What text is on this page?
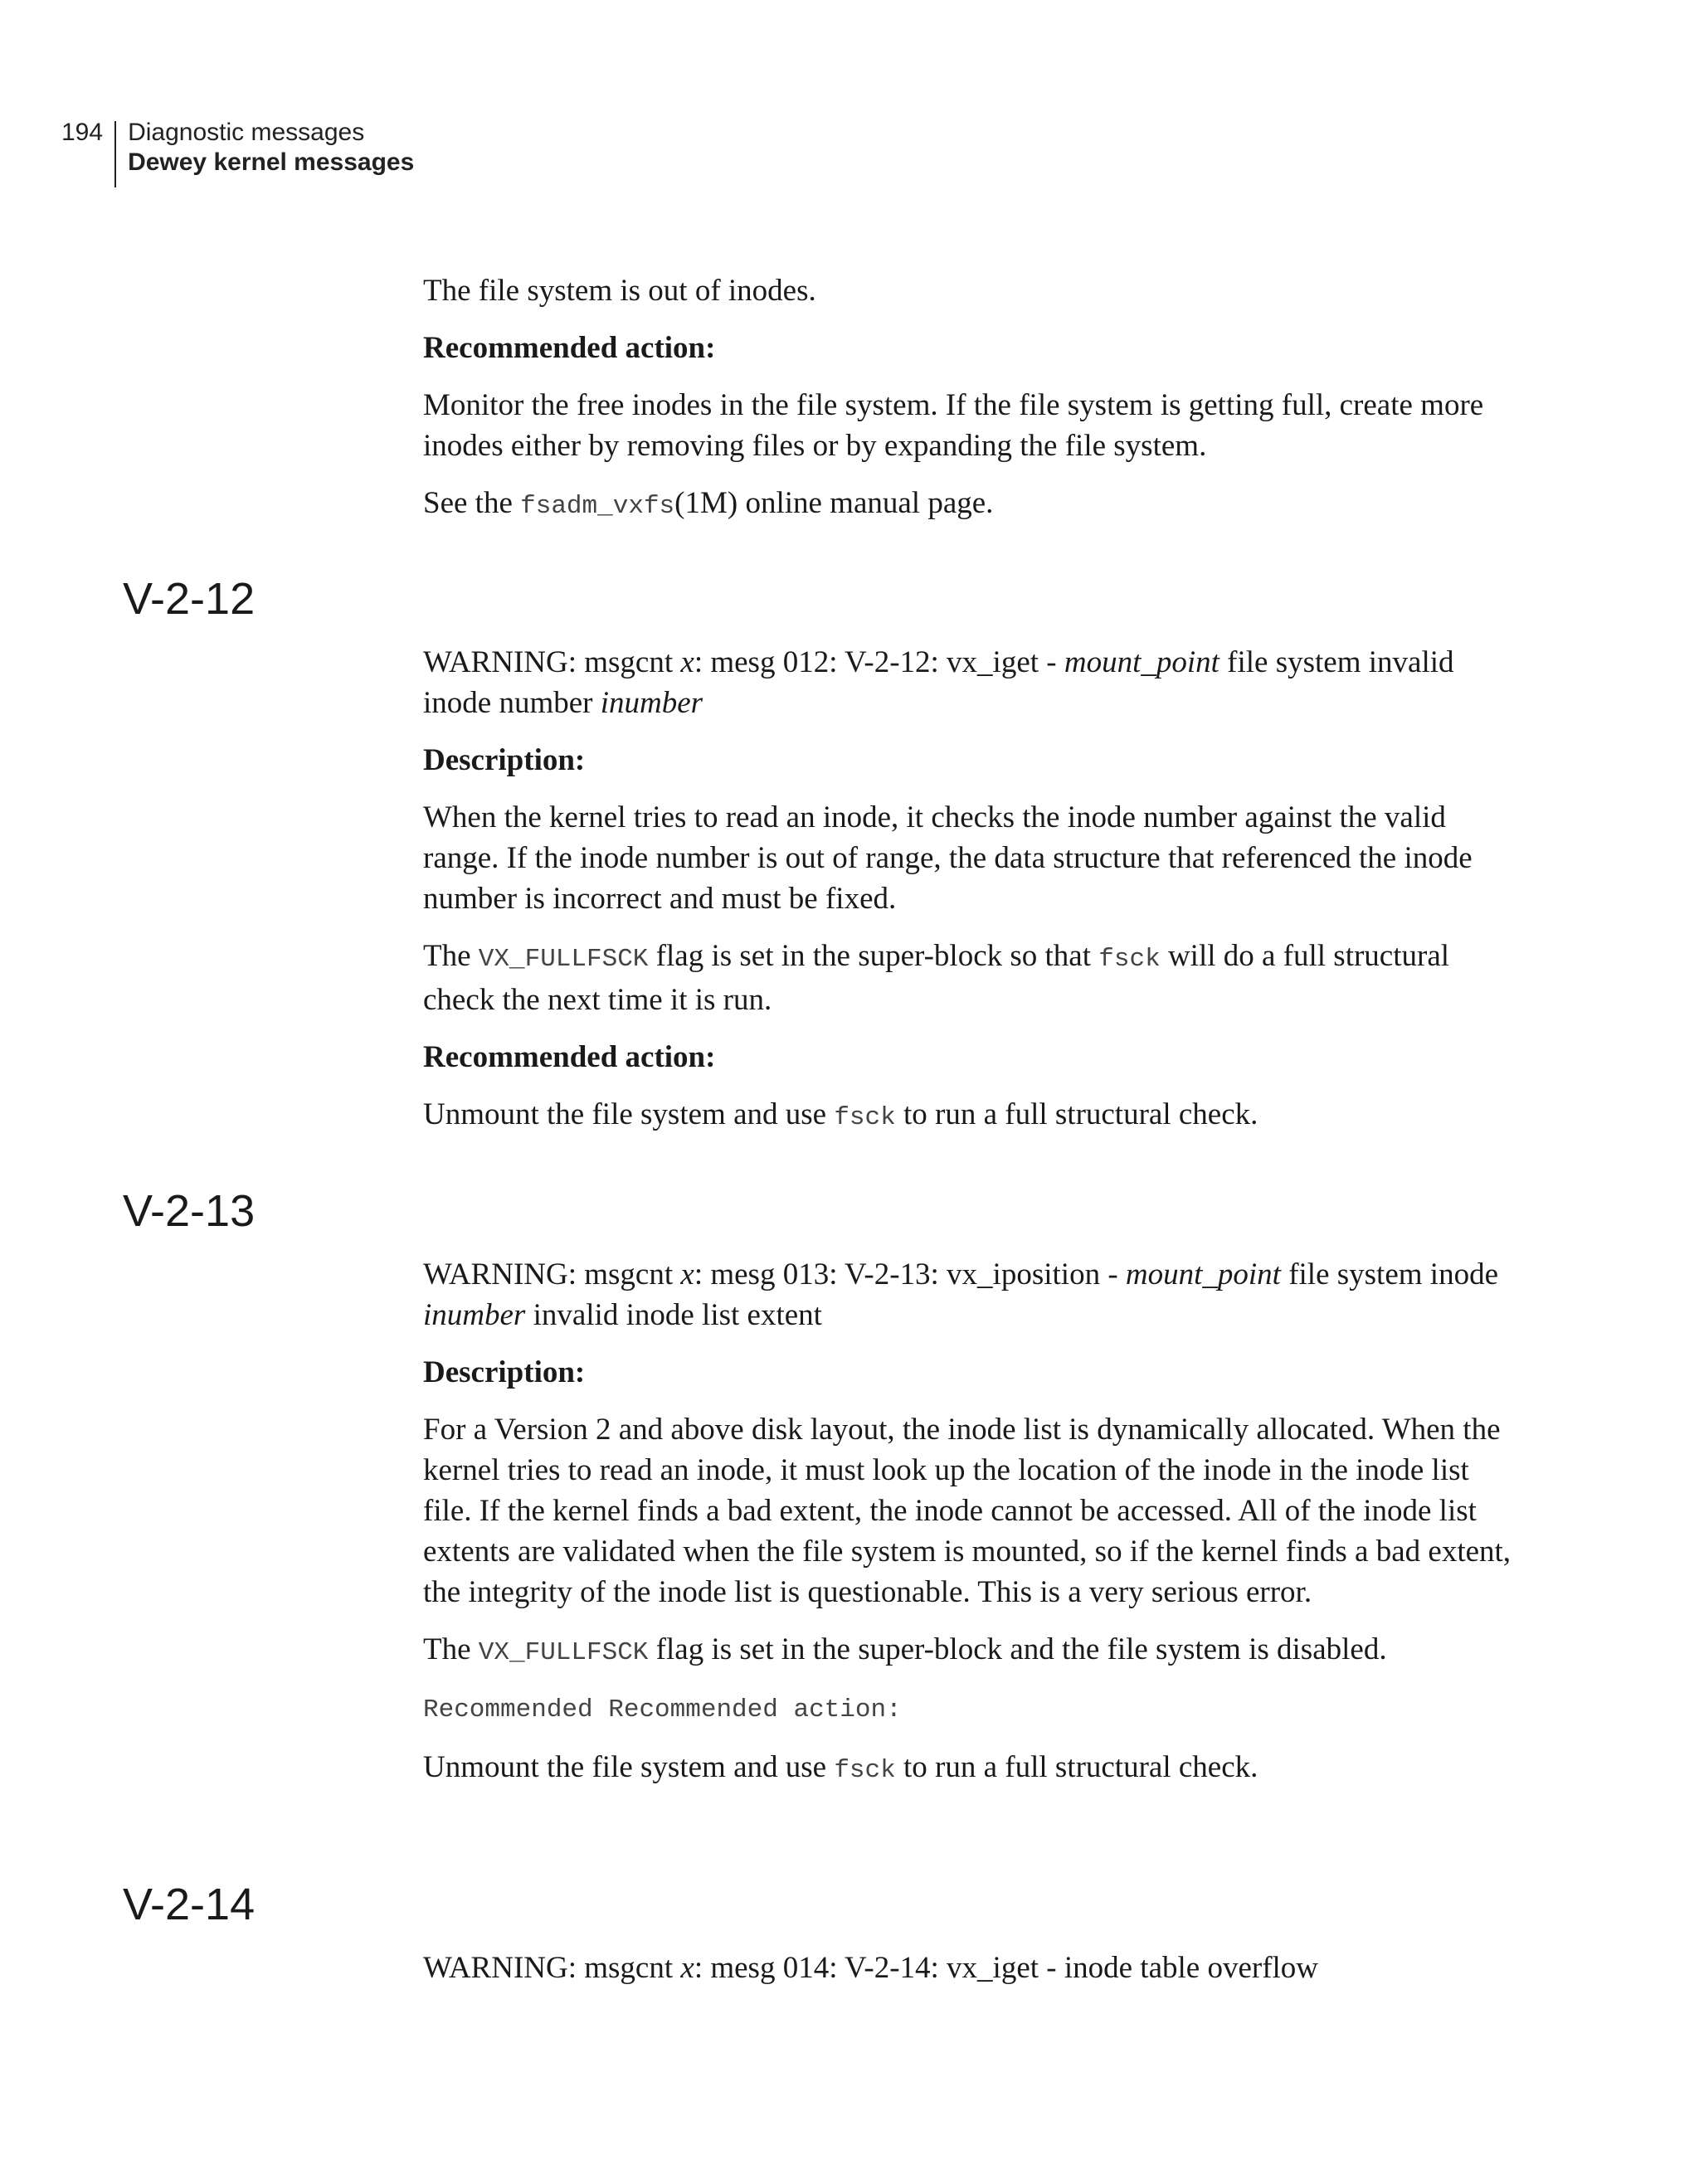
194	Diagnostic messages
Dewey kernel messages

The file system is out of inodes.

Recommended action:

Monitor the free inodes in the file system. If the file system is getting full, create more inodes either by removing files or by expanding the file system.

See the fsadm_vxfs(1M) online manual page.

V-2-12

WARNING: msgcnt x: mesg 012: V-2-12: vx_iget - mount_point file system invalid inode number inumber

Description:

When the kernel tries to read an inode, it checks the inode number against the valid range. If the inode number is out of range, the data structure that referenced the inode number is incorrect and must be fixed.

The VX_FULLFSCK flag is set in the super-block so that fsck will do a full structural check the next time it is run.

Recommended action:

Unmount the file system and use fsck to run a full structural check.

V-2-13

WARNING: msgcnt x: mesg 013: V-2-13: vx_iposition - mount_point file system inode inumber invalid inode list extent

Description:

For a Version 2 and above disk layout, the inode list is dynamically allocated. When the kernel tries to read an inode, it must look up the location of the inode in the inode list file. If the kernel finds a bad extent, the inode cannot be accessed. All of the inode list extents are validated when the file system is mounted, so if the kernel finds a bad extent, the integrity of the inode list is questionable. This is a very serious error.

The VX_FULLFSCK flag is set in the super-block and the file system is disabled.

Recommended Recommended action:

Unmount the file system and use fsck to run a full structural check.

V-2-14

WARNING: msgcnt x: mesg 014: V-2-14: vx_iget - inode table overflow
